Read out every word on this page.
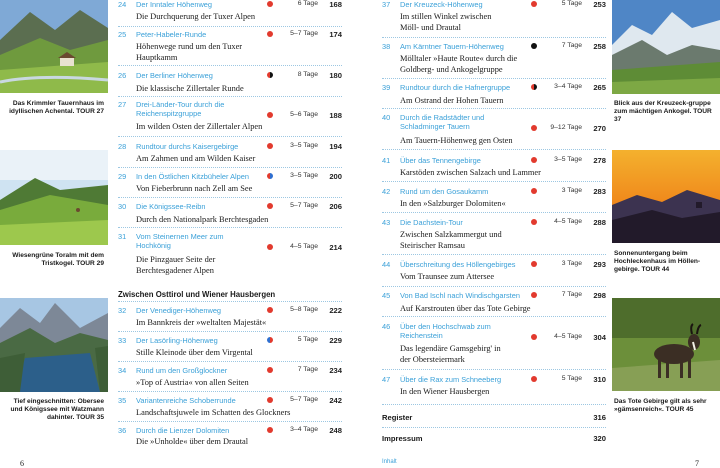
Das Krimmler Tauernhaus im idyllischen Achental. TOUR 27
Wiesengrüne Toralm mit dem Tristkogel. TOUR 29
Tief eingeschnitten: Obersee und Königssee mit Watzmann dahinter. TOUR 35
6
24	Der Inntaler Höhenweg	6 Tage	168
Die Durchquerung der Tuxer Alpen
25	Peter-Habeler-Runde	5–7 Tage	174
Höhenwege rund um den Tuxer Hauptkamm
26	Der Berliner Höhenweg	8 Tage	180
Die klassische Zillertaler Runde
27	Drei-Länder-Tour durch die Reichenspitzgruppe	5–6 Tage	188
Im wilden Osten der Zillertaler Alpen
28	Rundtour durchs Kaisergebirge	3–5 Tage	194
Am Zahmen und am Wilden Kaiser
29	In den Östlichen Kitzbüheler Alpen	3–5 Tage	200
Von Fieberbrunn nach Zell am See
30	Die Königssee-Reibn	5–7 Tage	206
Durch den Nationalpark Berchtesgaden
31	Vom Steinernen Meer zum Hochkönig	4–5 Tage	214
Die Pinzgauer Seite der Berchtesgadener Alpen
Zwischen Osttirol und Wiener Hausbergen
32	Der Venediger-Höhenweg	5–8 Tage	222
Im Bannkreis der »weltalten Majestät«
33	Der Lasörling-Höhenweg	5 Tage	229
Stille Kleinode über dem Virgental
34	Rund um den Großglockner	7 Tage	234
»Top of Austria« von allen Seiten
35	Variantenreiche Schoberrunde	5–7 Tage	242
Landschaftsjuwele im Schatten des Glockners
36	Durch die Lienzer Dolomiten	3–4 Tage	248
Die »Unholde« über dem Drautal
37	Der Kreuzeck-Höhenweg	5 Tage	253
Im stillen Winkel zwischen Möll- und Drautal
38	Am Kärntner Tauern-Höhenweg	7 Tage	258
Mölltaler »Haute Route« durch die Goldberg- und Ankogelgruppe
39	Rundtour durch die Hafnergruppe	3–4 Tage	265
Am Ostrand der Hohen Tauern
40	Durch die Radstädter und Schladminger Tauern	9–12 Tage	270
Am Tauern-Höhenweg gen Osten
41	Über das Tennengebirge	3–5 Tage	278
Karstöden zwischen Salzach und Lammer
42	Rund um den Gosaukamm	3 Tage	283
In den »Salzburger Dolomiten«
43	Die Dachstein-Tour	4–5 Tage	288
Zwischen Salzkammergut und Steirischer Ramsau
44	Überschreitung des Höllengebirges	3 Tage	293
Vom Traunsee zum Attersee
45	Von Bad Ischl nach Windischgarsten	7 Tage	298
Auf Karstrouten über das Tote Gebirge
46	Über den Hochschwab zum Reichenstein	4–5 Tage	304
Das legendäre Gamsgebirg' in der Obersteiermark
47	Über die Rax zum Schneeberg	5 Tage	310
In den Wiener Hausbergen
Register	316
Impressum	320
Inhalt
Blick aus der Kreuzeck-gruppe zum mächtigen Ankogel. TOUR 37
Sonnenuntergang beim Hochleckenhaus im Höllen-gebirge. TOUR 44
Das Tote Gebirge gilt als sehr »gämsenreich«. TOUR 45
7
